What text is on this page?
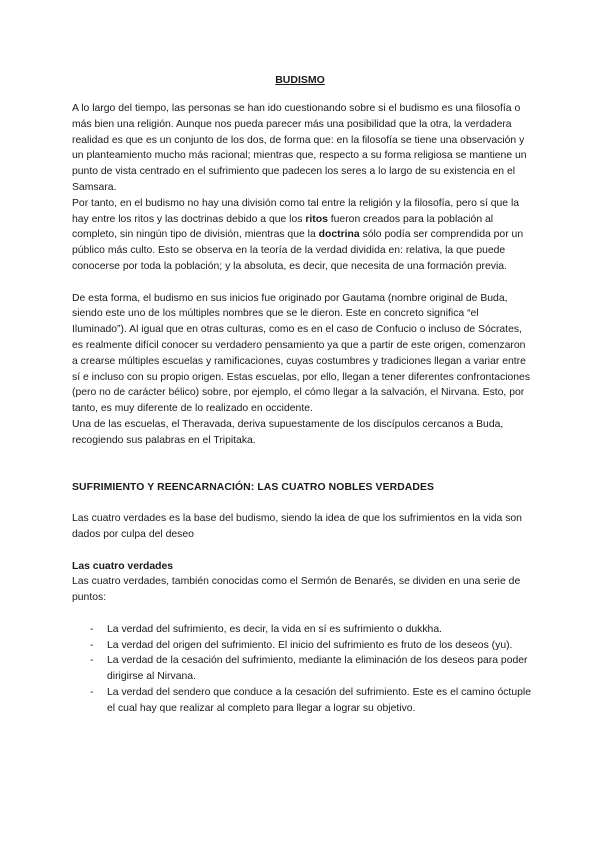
BUDISMO

A lo largo del tiempo, las personas se han ido cuestionando sobre si el budismo es una filosofía o más bien una religión. Aunque nos pueda parecer más una posibilidad que la otra, la verdadera realidad es que es un conjunto de los dos, de forma que: en la filosofía se tiene una observación y un planteamiento mucho más racional; mientras que, respecto a su forma religiosa se mantiene un punto de vista centrado en el sufrimiento que padecen los seres a lo largo de su existencia en el Samsara.

Por tanto, en el budismo no hay una división como tal entre la religión y la filosofía, pero sí que la hay entre los ritos y las doctrinas debido a que los ritos fueron creados para la población al completo, sin ningún tipo de división, mientras que la doctrina sólo podía ser comprendida por un público más culto. Esto se observa en la teoría de la verdad dividida en: relativa, la que puede conocerse por toda la población; y la absoluta, es decir, que necesita de una formación previa.

De esta forma, el budismo en sus inicios fue originado por Gautama (nombre original de Buda, siendo este uno de los múltiples nombres que se le dieron. Este en concreto significa “el Iluminado”). Al igual que en otras culturas, como es en el caso de Confucio o incluso de Sócrates, es realmente difícil conocer su verdadero pensamiento ya que a partir de este origen, comenzaron a crearse múltiples escuelas y ramificaciones, cuyas costumbres y tradiciones llegan a variar entre sí e incluso con su propio origen. Estas escuelas, por ello, llegan a tener diferentes confrontaciones (pero no de carácter bélico) sobre, por ejemplo, el cómo llegar a la salvación, el Nirvana. Esto, por tanto, es muy diferente de lo realizado en occidente.

Una de las escuelas, el Theravada, deriva supuestamente de los discípulos cercanos a Buda, recogiendo sus palabras en el Tripitaka.

SUFRIMIENTO Y REENCARNACIÓN: LAS CUATRO NOBLES VERDADES

Las cuatro verdades es la base del budismo, siendo la idea de que los sufrimientos en la vida son dados por culpa del deseo

Las cuatro verdades

Las cuatro verdades, también conocidas como el Sermón de Benarés, se dividen en una serie de puntos:

- La verdad del sufrimiento, es decir, la vida en sí es sufrimiento o dukkha.
- La verdad del origen del sufrimiento. El inicio del sufrimiento es fruto de los deseos (yu).
- La verdad de la cesación del sufrimiento, mediante la eliminación de los deseos para poder dirigirse al Nirvana.
- La verdad del sendero que conduce a la cesación del sufrimiento. Este es el camino óctuple el cual hay que realizar al completo para llegar a lograr su objetivo.
